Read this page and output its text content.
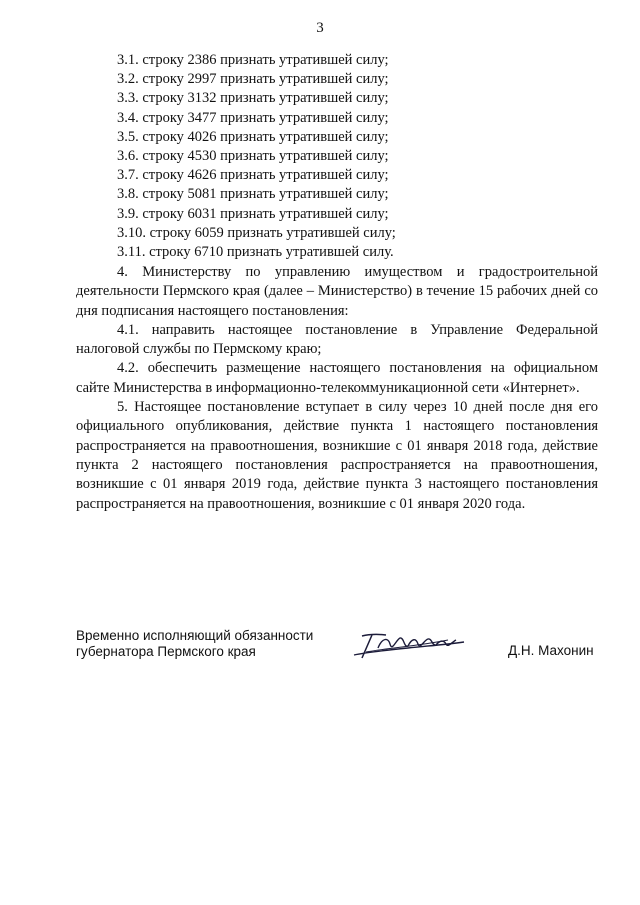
3
3.1. строку 2386 признать утратившей силу;
3.2. строку 2997 признать утратившей силу;
3.3. строку 3132 признать утратившей силу;
3.4. строку 3477 признать утратившей силу;
3.5. строку 4026 признать утратившей силу;
3.6. строку 4530 признать утратившей силу;
3.7. строку 4626 признать утратившей силу;
3.8. строку 5081 признать утратившей силу;
3.9. строку 6031 признать утратившей силу;
3.10. строку 6059 признать утратившей силу;
3.11. строку 6710 признать утратившей силу.

4. Министерству по управлению имуществом и градостроительной деятельности Пермского края (далее – Министерство) в течение 15 рабочих дней со дня подписания настоящего постановления:

4.1. направить настоящее постановление в Управление Федеральной налоговой службы по Пермскому краю;

4.2. обеспечить размещение настоящего постановления на официальном сайте Министерства в информационно-телекоммуникационной сети «Интернет».

5. Настоящее постановление вступает в силу через 10 дней после дня его официального опубликования, действие пункта 1 настоящего постановления распространяется на правоотношения, возникшие с 01 января 2018 года, действие пункта 2 настоящего постановления распространяется на правоотношения, возникшие с 01 января 2019 года, действие пункта 3 настоящего постановления распространяется на правоотношения, возникшие с 01 января 2020 года.

Временно исполняющий обязанности
губернатора Пермского края	Д.Н. Махонин
